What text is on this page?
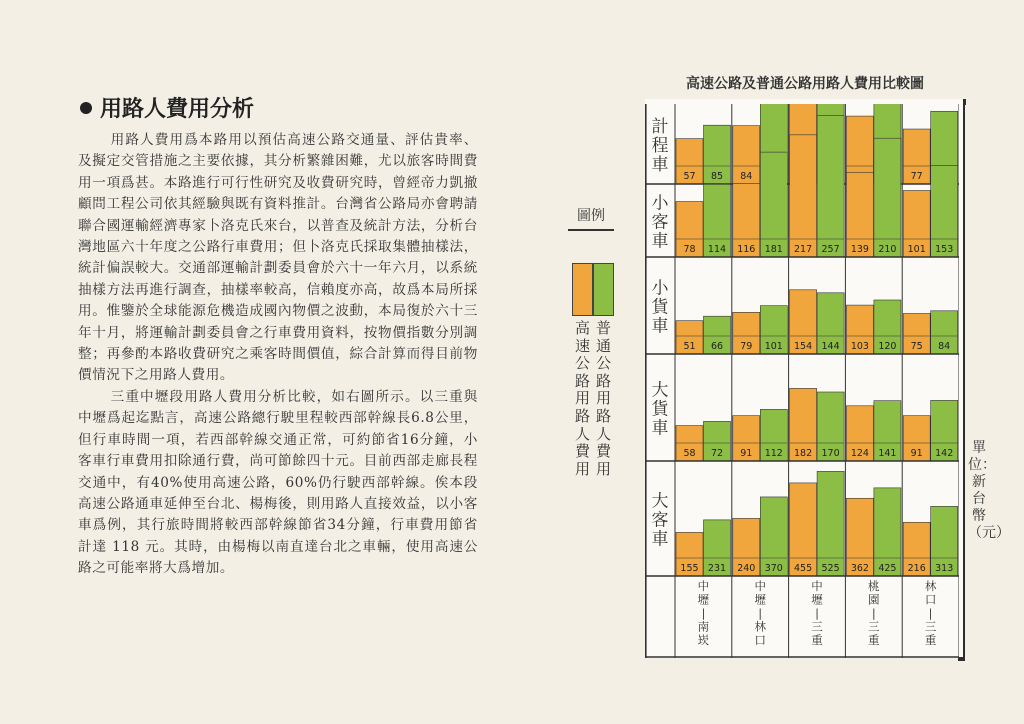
用路人費用分析

用路人費用爲本路用以預估高速公路交通量、評估貴率、及擬定交管措施之主要依據，其分析繁雜困難，尤以旅客時間費用一項爲甚。本路進行可行性研究及收費研究時，曾經帝力凱撤顧問工程公司依其經驗與既有資料推計。台灣省公路局亦會聘請聯合國運輸經濟專家卜洛克氏來台，以普查及統計方法，分析台灣地區六十年度之公路行車費用；但卜洛克氏採取集體抽樣法，統計偏誤較大。交通部運輸計劃委員會於六十一年六月，以系統抽樣方法再進行調查，抽樣率較高，信賴度亦高，故爲本局所採用。惟鑒於全球能源危機造成國內物價之波動，本局復於六十三年十月，將運輸計劃委員會之行車費用資料，按物價指數分別調整；再參酌本路收費研究之乘客時間價值，綜合計算而得目前物價情況下之用路人費用。

三重中壢段用路人費用分析比較，如右圖所示。以三重與中壢爲起迄點言，高速公路總行駛里程較西部幹線長6.8公里，但行車時間一項，若西部幹線交通正常，可約節省16分鐘，小客車行車費用扣除通行費，尚可節餘四十元。目前西部走廊長程交通中，有40%使用高速公路，60%仍行駛西部幹線。俟本段高速公路通車延伸至台北、楊梅後，則用路人直接效益，以小客車爲例，其行旅時間將較西部幹線節省34分鐘，行車費用節省計達 118 元。其時，由楊梅以南直達台北之車輛，使用高速公路之可能率將大爲增加。

圖例
高速公路用路人費用
普通公路用路人費用
高速公路及普通公路用路人費用比較圖
計程車
57 85 84	77
小客車 78 114 116 181 217 257 139 210 101 153
小貨車
51 66 79 101 154 144 103 120 75 84
大貨車
58 72 91 112 182 170 124 141 91 142
大客車
155 231 240 370 455 525 362 425 216 313
中壢|南崁
中壢|林口
中壢|三重
桃園|三重
林口|三重
單位：新台幣（元）
